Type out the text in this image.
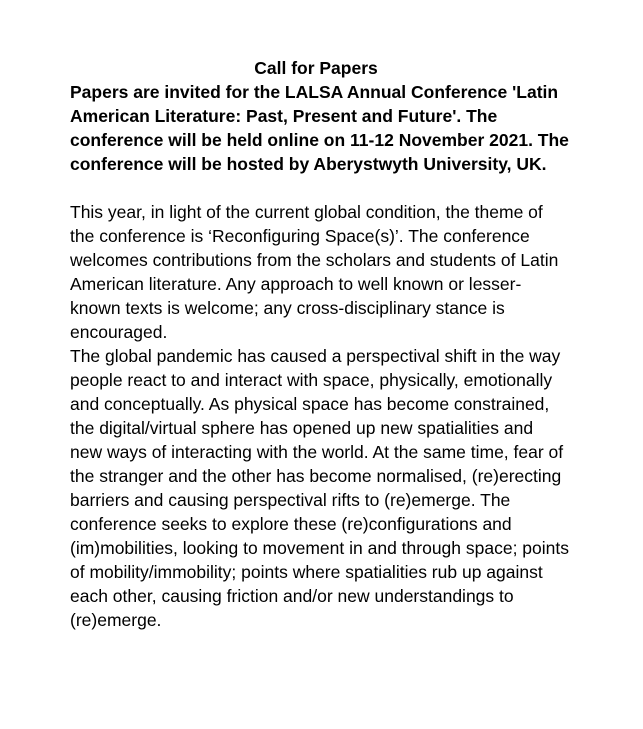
Call for Papers

Papers are invited for the LALSA Annual Conference 'Latin American Literature: Past, Present and Future'. The conference will be held online on 11-12 November 2021. The conference will be hosted by Aberystwyth University, UK.

This year, in light of the current global condition, the theme of the conference is ‘Reconfiguring Space(s)’. The conference welcomes contributions from the scholars and students of Latin American literature. Any approach to well known or lesser-known texts is welcome; any cross-disciplinary stance is encouraged.

The global pandemic has caused a perspectival shift in the way people react to and interact with space, physically, emotionally and conceptually. As physical space has become constrained, the digital/virtual sphere has opened up new spatialities and new ways of interacting with the world. At the same time, fear of the stranger and the other has become normalised, (re)erecting barriers and causing perspectival rifts to (re)emerge. The conference seeks to explore these (re)configurations and (im)mobilities, looking to movement in and through space; points of mobility/immobility; points where spatialities rub up against each other, causing friction and/or new understandings to (re)emerge.
